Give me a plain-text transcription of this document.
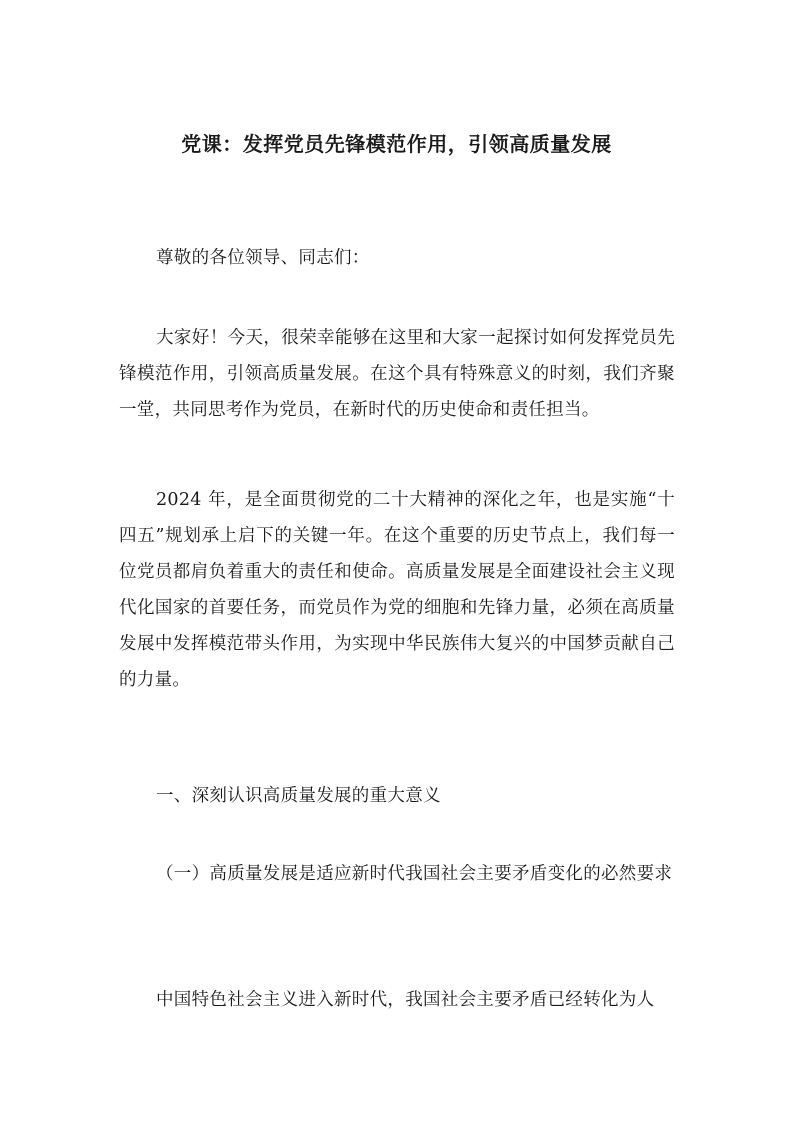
党课：发挥党员先锋模范作用，引领高质量发展

尊敬的各位领导、同志们：

大家好！今天，很荣幸能够在这里和大家一起探讨如何发挥党员先锋模范作用，引领高质量发展。在这个具有特殊意义的时刻，我们齐聚一堂，共同思考作为党员，在新时代的历史使命和责任担当。

2024 年，是全面贯彻党的二十大精神的深化之年，也是实施“十四五”规划承上启下的关键一年。在这个重要的历史节点上，我们每一位党员都肩负着重大的责任和使命。高质量发展是全面建设社会主义现代化国家的首要任务，而党员作为党的细胞和先锋力量，必须在高质量发展中发挥模范带头作用，为实现中华民族伟大复兴的中国梦贡献自己的力量。

一、深刻认识高质量发展的重大意义

（一）高质量发展是适应新时代我国社会主要矛盾变化的必然要求

中国特色社会主义进入新时代，我国社会主要矛盾已经转化为人
